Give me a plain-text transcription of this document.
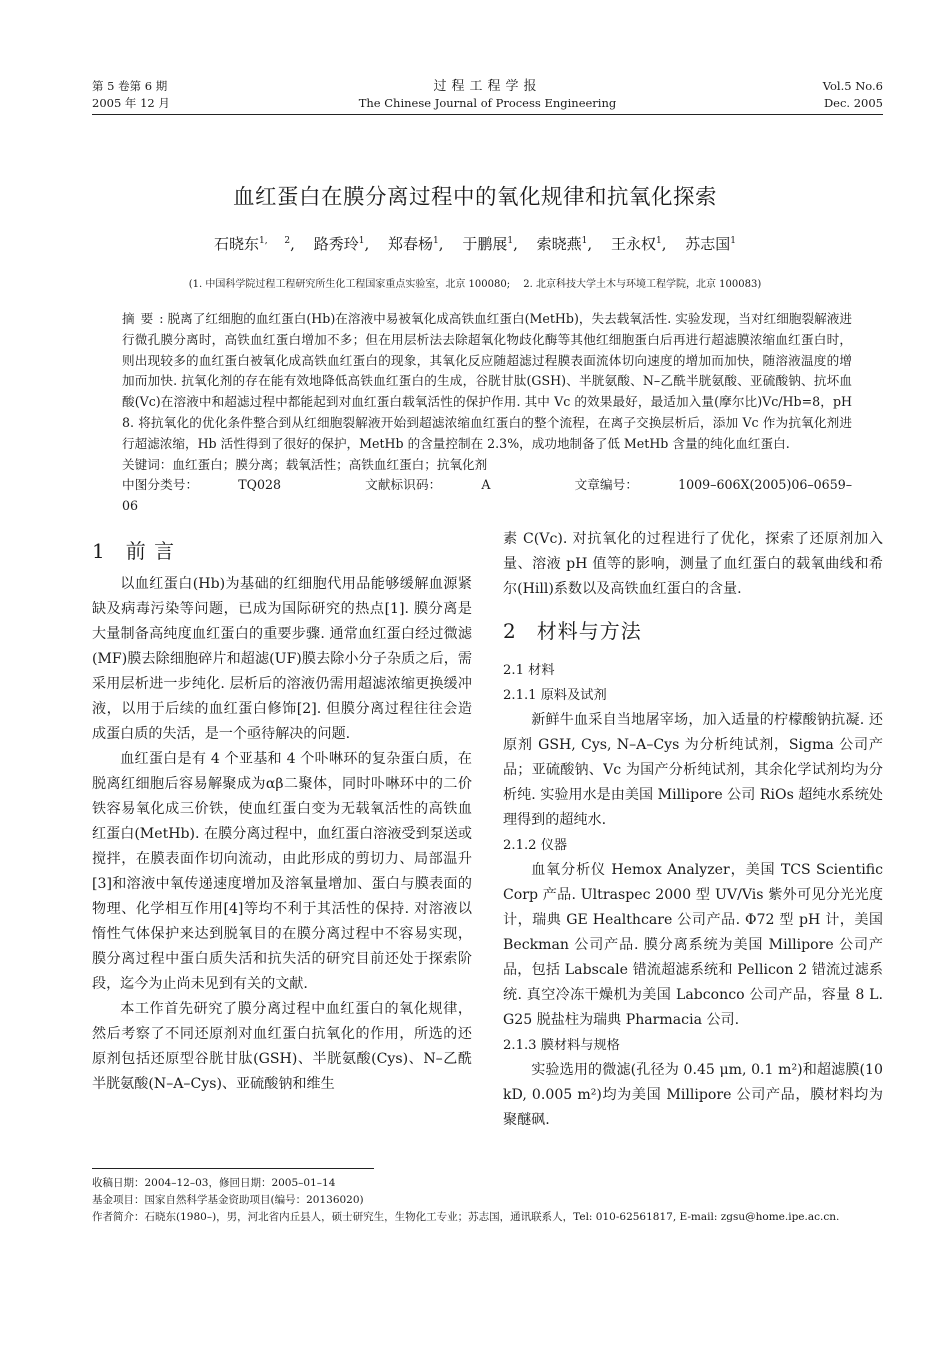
第 5 卷第 6 期
2005 年 12 月
过程工程学报
The Chinese Journal of Process Engineering
Vol.5 No.6
Dec. 2005
血红蛋白在膜分离过程中的氧化规律和抗氧化探索
石晓东$^{1, 2}$, 路秀玲$^1$, 郑春杨$^1$, 于鹏展$^1$, 索晓燕$^1$, 王永权$^1$, 苏志国$^1$
(1. 中国科学院过程工程研究所生化工程国家重点实验室，北京 100080;　 2. 北京科技大学土木与环境工程学院，北京 100083)

摘要: 脱离了红细胞的血红蛋白(Hb)在溶液中易被氧化成高铁血红蛋白(MetHb)，失去载氧活性. 实验发现，当对红细胞裂解液进行微孔膜分离时，高铁血红蛋白增加不多；但在用层析法去除超氧化物歧化酶等其他红细胞蛋白后再进行超滤膜浓缩血红蛋白时，则出现较多的血红蛋白被氧化成高铁血红蛋白的现象，其氧化反应随超滤过程膜表面流体切向速度的增加而加快，随溶液温度的增加而加快. 抗氧化剂的存在能有效地降低高铁血红蛋白的生成，谷胱甘肽(GSH)、半胱氨酸、N–乙酰半胱氨酸、亚硫酸钠、抗坏血酸(Vc)在溶液中和超滤过程中都能起到对血红蛋白载氧活性的保护作用. 其中 Vc 的效果最好，最适加入量(摩尔比)Vc/Hb=8，pH 8. 将抗氧化的优化条件整合到从红细胞裂解液开始到超滤浓缩血红蛋白的整个流程，在离子交换层析后，添加 Vc 作为抗氧化剂进行超滤浓缩，Hb 活性得到了很好的保护，MetHb 的含量控制在 2.3%，成功地制备了低 MetHb 含量的纯化血红蛋白.

关键词：血红蛋白；膜分离；载氧活性；高铁血红蛋白；抗氧化剂

中图分类号：	TQ028	文献标识码：	A	文章编号：	1009–606X(2005)06–0659–06

1 前 言

以血红蛋白(Hb)为基础的红细胞代用品能够缓解血源紧缺及病毒污染等问题，已成为国际研究的热点[1]. 膜分离是大量制备高纯度血红蛋白的重要步骤. 通常血红蛋白经过微滤(MF)膜去除细胞碎片和超滤(UF)膜去除小分子杂质之后，需采用层析进一步纯化. 层析后的溶液仍需用超滤浓缩更换缓冲液，以用于后续的血红蛋白修饰[2]. 但膜分离过程往往会造成蛋白质的失活，是一个亟待解决的问题.

血红蛋白是有 4 个亚基和 4 个卟啉环的复杂蛋白质，在脱离红细胞后容易解聚成为αβ二聚体，同时卟啉环中的二价铁容易氧化成三价铁，使血红蛋白变为无载氧活性的高铁血红蛋白(MetHb). 在膜分离过程中，血红蛋白溶液受到泵送或搅拌，在膜表面作切向流动，由此形成的剪切力、局部温升[3]和溶液中氧传递速度增加及溶氧量增加、蛋白与膜表面的物理、化学相互作用[4]等均不利于其活性的保持. 对溶液以惰性气体保护来达到脱氧目的在膜分离过程中不容易实现，膜分离过程中蛋白质失活和抗失活的研究目前还处于探索阶段，迄今为止尚未见到有关的文献.

本工作首先研究了膜分离过程中血红蛋白的氧化规律，然后考察了不同还原剂对血红蛋白抗氧化的作用，所选的还原剂包括还原型谷胱甘肽(GSH)、半胱氨酸(Cys)、N–乙酰半胱氨酸(N–A–Cys)、亚硫酸钠和维生

素 C(Vc). 对抗氧化的过程进行了优化，探索了还原剂加入量、溶液 pH 值等的影响，测量了血红蛋白的载氧曲线和希尔(Hill)系数以及高铁血红蛋白的含量.

2 材料与方法
2.1 材料
2.1.1 原料及试剂

新鲜牛血采自当地屠宰场，加入适量的柠檬酸钠抗凝. 还原剂 GSH, Cys, N–A–Cys 为分析纯试剂，Sigma 公司产品；亚硫酸钠、Vc 为国产分析纯试剂，其余化学试剂均为分析纯. 实验用水是由美国 Millipore 公司 RiOs 超纯水系统处理得到的超纯水.

2.1.2 仪器

血氧分析仪 Hemox Analyzer，美国 TCS Scientific Corp 产品. Ultraspec 2000 型 UV/Vis 紫外可见分光光度计，瑞典 GE Healthcare 公司产品. Φ72 型 pH 计，美国 Beckman 公司产品. 膜分离系统为美国 Millipore 公司产品，包括 Labscale 错流超滤系统和 Pellicon 2 错流过滤系统. 真空冷冻干燥机为美国 Labconco 公司产品，容量 8 L. G25 脱盐柱为瑞典 Pharmacia 公司.

2.1.3 膜材料与规格

实验选用的微滤(孔径为 0.45 μm, 0.1 m²)和超滤膜(10 kD, 0.005 m²)均为美国 Millipore 公司产品，膜材料均为聚醚砜.

收稿日期：2004–12–03，修回日期：2005–01–14
基金项目：国家自然科学基金资助项目(编号：20136020)
作者简介：石晓东(1980–)，男，河北省内丘县人，硕士研究生，生物化工专业；苏志国，通讯联系人，Tel: 010-62561817, E-mail: zgsu@home.ipe.ac.cn.
